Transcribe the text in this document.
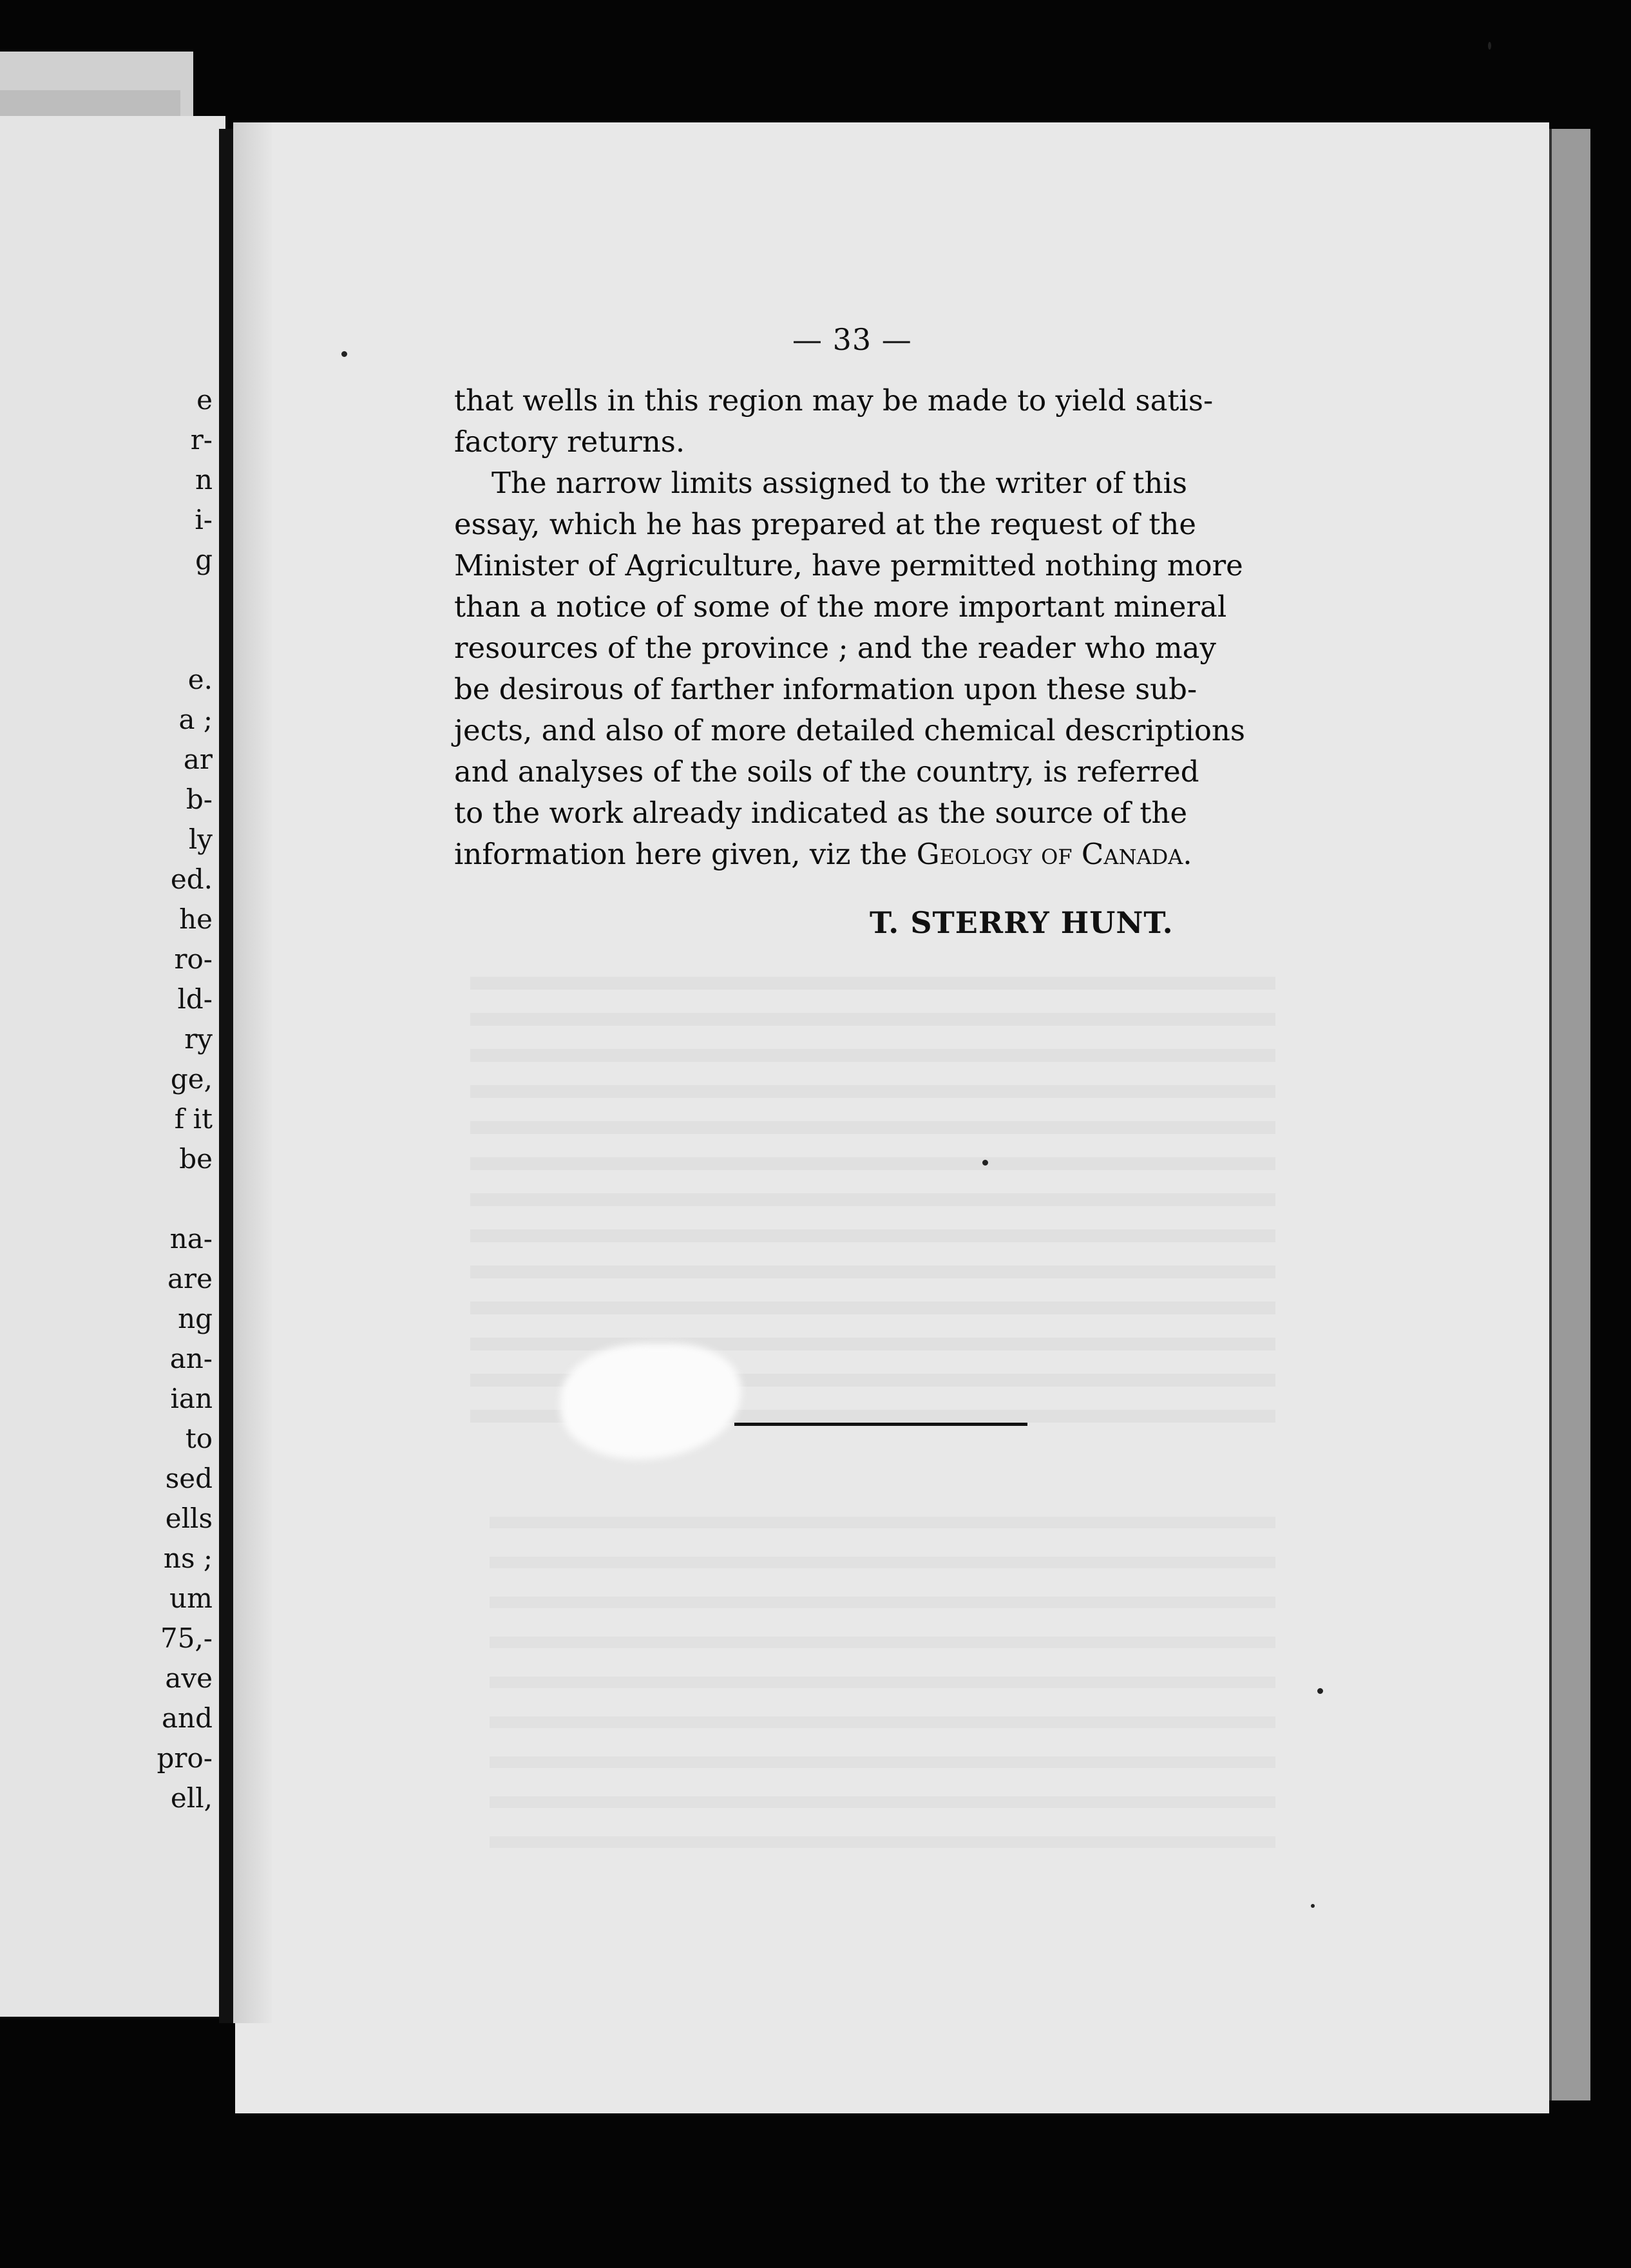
e
r-
n
i-
g
e.
a ;
ar
b-
ly
ed.
he
ro-
ld-
ry
ge,
f it
be
na-
are
ng
an-
ian
to
sed
ells
ns ;
um
75,-
ave
and
pro-
ell,
— 33 —
that wells in this region may be made to yield satis-
factory returns.
The narrow limits assigned to the writer of this
essay, which he has prepared at the request of the
Minister of Agriculture, have permitted nothing more
than a notice of some of the more important mineral
resources of the province ; and the reader who may
be desirous of farther information upon these sub-
jects, and also of more detailed chemical descriptions
and analyses of the soils of the country, is referred
to the work already indicated as the source of the
information here given, viz the Geology of Canada.
T. STERRY HUNT.
